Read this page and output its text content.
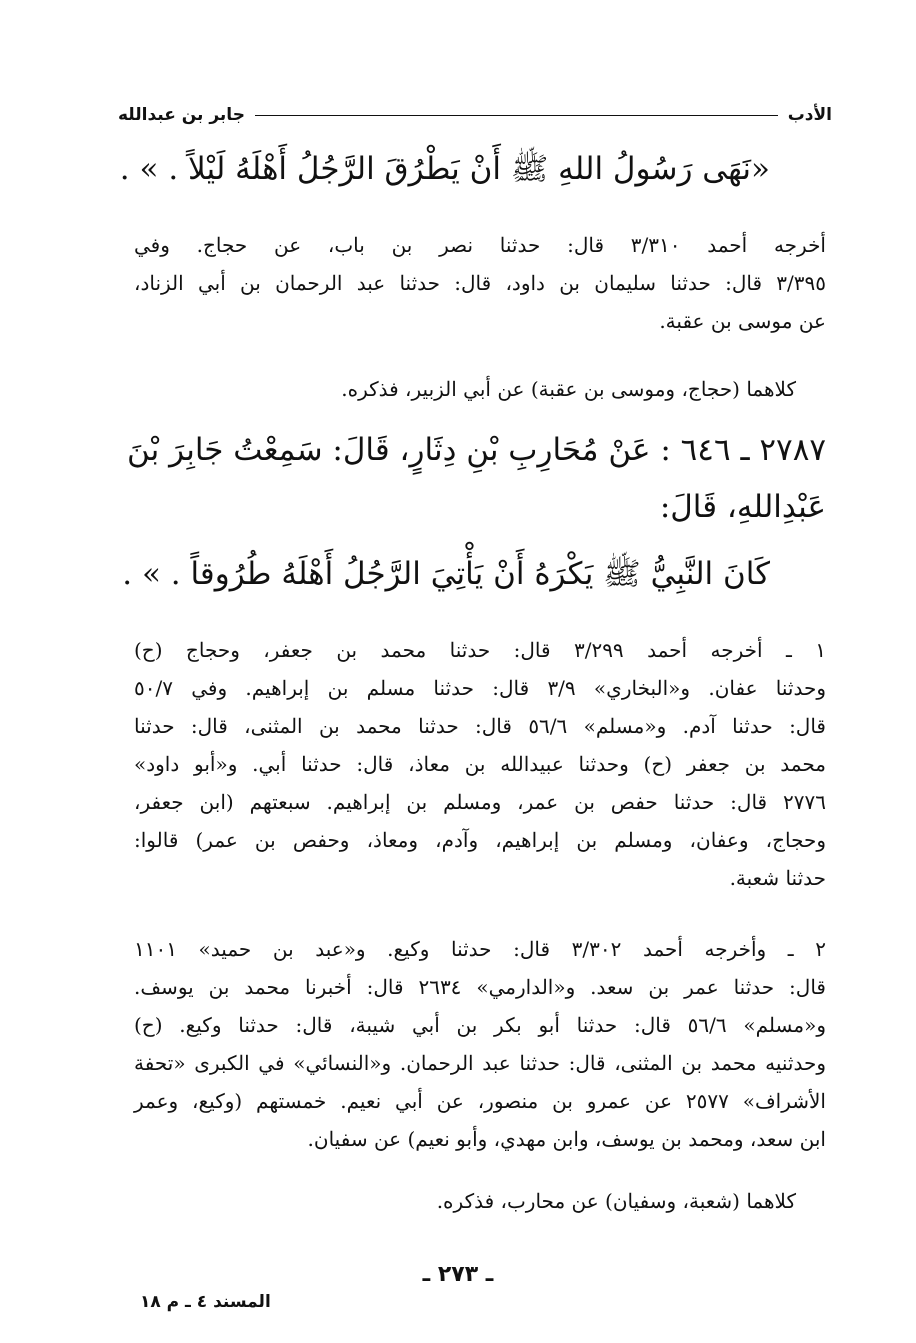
الأدب
جابر بن عبدالله
«نَهَى رَسُولُ اللهِ ﷺ أَنْ يَطْرُقَ الرَّجُلُ أَهْلَهُ لَيْلاً . » .
أخرجه أحمد ٣/٣١٠ قال: حدثنا نصر بن باب، عن حجاج. وفي
٣/٣٩٥ قال: حدثنا سليمان بن داود، قال: حدثنا عبد الرحمان بن أبي الزناد،
عن موسى بن عقبة.
كلاهما (حجاج، وموسى بن عقبة) عن أبي الزبير، فذكره.
٢٧٨٧ ـ ٦٤٦ : عَنْ مُحَارِبِ بْنِ دِثَارٍ، قَالَ: سَمِعْتُ جَابِرَ بْنَ
عَبْدِاللهِ، قَالَ:
كَانَ النَّبِيُّ ﷺ يَكْرَهُ أَنْ يَأْتِيَ الرَّجُلُ أَهْلَهُ طُرُوقاً . » .
١ ـ أخرجه أحمد ٣/٢٩٩ قال: حدثنا محمد بن جعفر، وحجاج (ح)
وحدثنا عفان. و«البخاري» ٣/٩ قال: حدثنا مسلم بن إبراهيم. وفي ٥٠/٧
قال: حدثنا آدم. و«مسلم» ٥٦/٦ قال: حدثنا محمد بن المثنى، قال: حدثنا
محمد بن جعفر (ح) وحدثنا عبيدالله بن معاذ، قال: حدثنا أبي. و«أبو داود»
٢٧٧٦ قال: حدثنا حفص بن عمر، ومسلم بن إبراهيم. سبعتهم (ابن جعفر،
وحجاج، وعفان، ومسلم بن إبراهيم، وآدم، ومعاذ، وحفص بن عمر) قالوا:
حدثنا شعبة.
٢ ـ وأخرجه أحمد ٣/٣٠٢ قال: حدثنا وكيع. و«عبد بن حميد» ١١٠١
قال: حدثنا عمر بن سعد. و«الدارمي» ٢٦٣٤ قال: أخبرنا محمد بن يوسف.
و«مسلم» ٥٦/٦ قال: حدثنا أبو بكر بن أبي شيبة، قال: حدثنا وكيع. (ح)
وحدثنيه محمد بن المثنى، قال: حدثنا عبد الرحمان. و«النسائي» في الكبرى «تحفة
الأشراف» ٢٥٧٧ عن عمرو بن منصور، عن أبي نعيم. خمستهم (وكيع، وعمر
ابن سعد، ومحمد بن يوسف، وابن مهدي، وأبو نعيم) عن سفيان.
كلاهما (شعبة، وسفيان) عن محارب، فذكره.
ـ ٢٧٣ ـ
المسند ٤ ـ م ١٨
